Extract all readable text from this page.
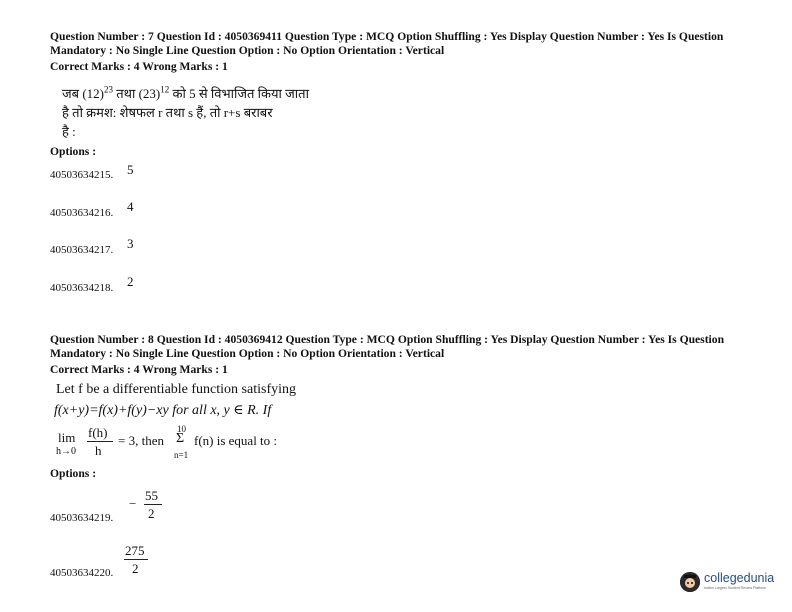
Question Number : 7 Question Id : 4050369411 Question Type : MCQ Option Shuffling : Yes Display Question Number : Yes Is Question
Mandatory : No Single Line Question Option : No Option Orientation : Vertical
Correct Marks : 4 Wrong Marks : 1
जब $(12)^{23}$ तथा $(23)^{12}$ को 5 से विभाजित किया जाता
है तो क्रमश: शेषफल r तथा s हैं, तो r+s बराबर
है :
Options :
40503634215. 5
40503634216. 4
40503634217. 3
40503634218. 2
Question Number : 8 Question Id : 4050369412 Question Type : MCQ Option Shuffling : Yes Display Question Number : Yes Is Question
Mandatory : No Single Line Question Option : No Option Orientation : Vertical
Correct Marks : 4 Wrong Marks : 1
Let f be a differentiable function satisfying
f(x+y)=f(x)+f(y)−xy for all x, y ∈ R. If
lim
h→0
f(h)
h
= 3, then
10
Σ
n=1
f(n) is equal to :
Options :
40503634219.
−
55
2
40503634220.
275
2
collegedunia
India's Largest Student Review Platform
